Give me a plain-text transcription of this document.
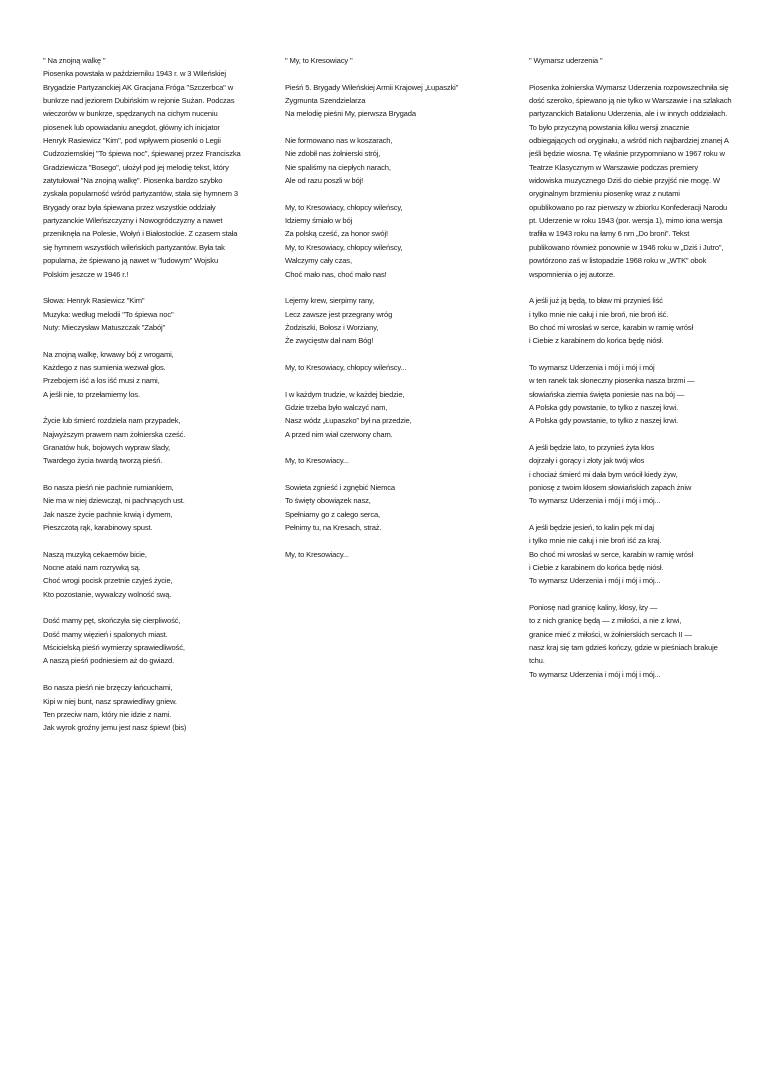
" Na znojną walkę "
Piosenka powstała w październiku 1943 r. w 3 Wileńskiej
Brygadzie Partyzanckiej AK Gracjana Fróga "Szczerbca" w
bunkrze nad jeziorem Dubińskim w rejonie Sużan. Podczas
wieczorów w bunkrze, spędzanych na cichym nuceniu
piosenek lub opowiadaniu anegdot, główny ich inicjator
Henryk Rasiewicz "Kim", pod wpływem piosenki o Legii
Cudzoziemskiej "To śpiewa noc", śpiewanej przez Franciszka
Gradziewicza "Bosego", ułożył pod jej melodię tekst, który
zatytułował "Na znojną walkę". Piosenka bardzo szybko
zyskała popularność wśród partyzantów, stała się hymnem 3
Brygady oraz była śpiewana przez wszystkie oddziały
partyzanckie Wileńszczyzny i Nowogródczyzny a nawet
przeniknęła na Polesie, Wołyń i Białostockie. Z czasem stała
się hymnem wszystkich wileńskich partyzantów. Była tak
popularna, że śpiewano ją nawet w "ludowym" Wojsku
Polskim jeszcze w 1946 r.!
Słowa: Henryk Rasiewicz "Kim"
Muzyka: według melodii "To śpiewa noc"
Nuty: Mieczysław Matuszczak "Zabój"
Na znojną walkę, krwawy bój z wrogami,
Każdego z nas sumienia wezwał głos.
Przebojem iść a los iść musi z nami,
A jeśli nie, to przełamiemy los.
Życie lub śmierć rozdziela nam przypadek,
Najwyższym prawem nam żołnierska cześć.
Granatów huk, bojowych wypraw ślady,
Twardego życia twardą tworzą pieśń.
Bo nasza pieśń nie pachnie rumiankiem,
Nie ma w niej dziewcząt, ni pachnących ust.
Jak nasze życie pachnie krwią i dymem,
Pieszczotą rąk, karabinowy spust.
Naszą muzyką cekaemów bicie,
Nocne ataki nam rozrywką są.
Choć wrogi pocisk przetnie czyjeś życie,
Kto pozostanie, wywalczy wolność swą.
Dość mamy pęt, skończyła się cierpliwość,
Dość mamy więzień i spalonych miast.
Mścicielską pieśń wymierzy sprawiedliwość,
A naszą pieśń podniesiem aż do gwiazd.
Bo nasza pieśń nie brzęczy łańcuchami,
Kipi w niej bunt, nasz sprawiedliwy gniew.
Ten przeciw nam, który nie idzie z nami.
Jak wyrok groźny jemu jest nasz śpiew! (bis)
" My, to Kresowiacy "
Pieśń 5. Brygady Wileńskiej Armii Krajowej „Łupaszki”
Zygmunta Szendzielarza
Na melodię pieśni My, pierwsza Brygada
Nie formowano nas w koszarach,
Nie zdobił nas żołnierski strój,
Nie spaliśmy na ciepłych narach,
Ale od razu poszli w bój!
My, to Kresowiacy, chłopcy wileńscy,
Idziemy śmiało w bój
Za polską cześć, za honor swój!
My, to Kresowiacy, chłopcy wileńscy,
Walczymy cały czas,
Choć mało nas, choć mało nas!
Lejemy krew, sierpimy rany,
Lecz zawsze jest przegrany wróg
Żodziszki, Bołosz i Worziany,
Że zwycięstw dał nam Bóg!
My, to Kresowiacy, chłopcy wileńscy...
I w każdym trudzie, w każdej biedzie,
Gdzie trzeba było walczyć nam,
Nasz wódz „Łupaszko” był na przedzie,
A przed nim wiał czerwony cham.
My, to Kresowiacy...
Sowieta zgnieść i zgnębić Niemca
To święty obowiązek nasz,
Spełniamy go z całego serca,
Pełnimy tu, na Kresach, straż.
My, to Kresowiacy...
" Wymarsz uderzenia "
Piosenka żołnierska Wymarsz Uderzenia rozpowszechniła się
dość szeroko, śpiewano ją nie tylko w Warszawie i na szlakach
partyzanckich Batalionu Uderzenia, ale i w innych oddziałach.
To było przyczyną powstania kilku wersji znacznie
odbiegających od oryginału, a wśród nich najbardziej znanej A
jeśli będzie wiosna. Tę właśnie przypomniano w 1967 roku w
Teatrze Klasycznym w Warszawie podczas premiery
widowiska muzycznego Dziś do ciebie przyjść nie mogę. W
oryginalnym brzmieniu piosenkę wraz z nutami
opublikowano po raz pierwszy w zbiorku Konfederacji Narodu
pt. Uderzenie w roku 1943 (por. wersja 1), mimo iona wersja
trafiła w 1943 roku na łamy 6 nrn „Do broni”. Tekst
publikowano również ponownie w 1946 roku w „Dziś i Jutro”,
powtórzono zaś w listopadzie 1968 roku w „WTK” obok
wspomnienia o jej autorze.
A jeśli już ją będą, to bław mi przynieś liść
i tylko mnie nie całuj i nie broń, nie broń iść.
Bo choć mi wrosłaś w serce, karabin w ramię wrósł
i Ciebie z karabinem do końca będę niósł.
To wymarsz Uderzenia i mój i mój i mój
w ten ranek tak słoneczny piosenka nasza brzmi —
słowiańska ziemia święta poniesie nas na bój —
A Polska gdy powstanie, to tylko z naszej krwi.
A Polska gdy powstanie, to tylko z naszej krwi.
A jeśli będzie lato, to przynieś żyta kłos
dojrzały i gorący i złoty jak twój włos
i chociaż śmierć mi dała bym wrócił kiedy żyw,
poniosę z twoim kłosem słowiańskich zapach żniw
To wymarsz Uderzenia i mój i mój i mój...
A jeśli będzie jesień, to kalin pęk mi daj
i tylko mnie nie całuj i nie broń iść za kraj.
Bo choć mi wrosłaś w serce, karabin w ramię wrósł
i Ciebie z karabinem do końca będę niósł.
To wymarsz Uderzenia i mój i mój i mój...
Poniosę nad granicę kaliny, kłosy, łzy —
to z nich granicę będą — z miłości, a nie z krwi,
granice mieć z miłości, w żołnierskich sercach II —
nasz kraj się tam gdzieś kończy, gdzie w pieśniach brakuje
tchu.
To wymarsz Uderzenia i mój i mój i mój...
